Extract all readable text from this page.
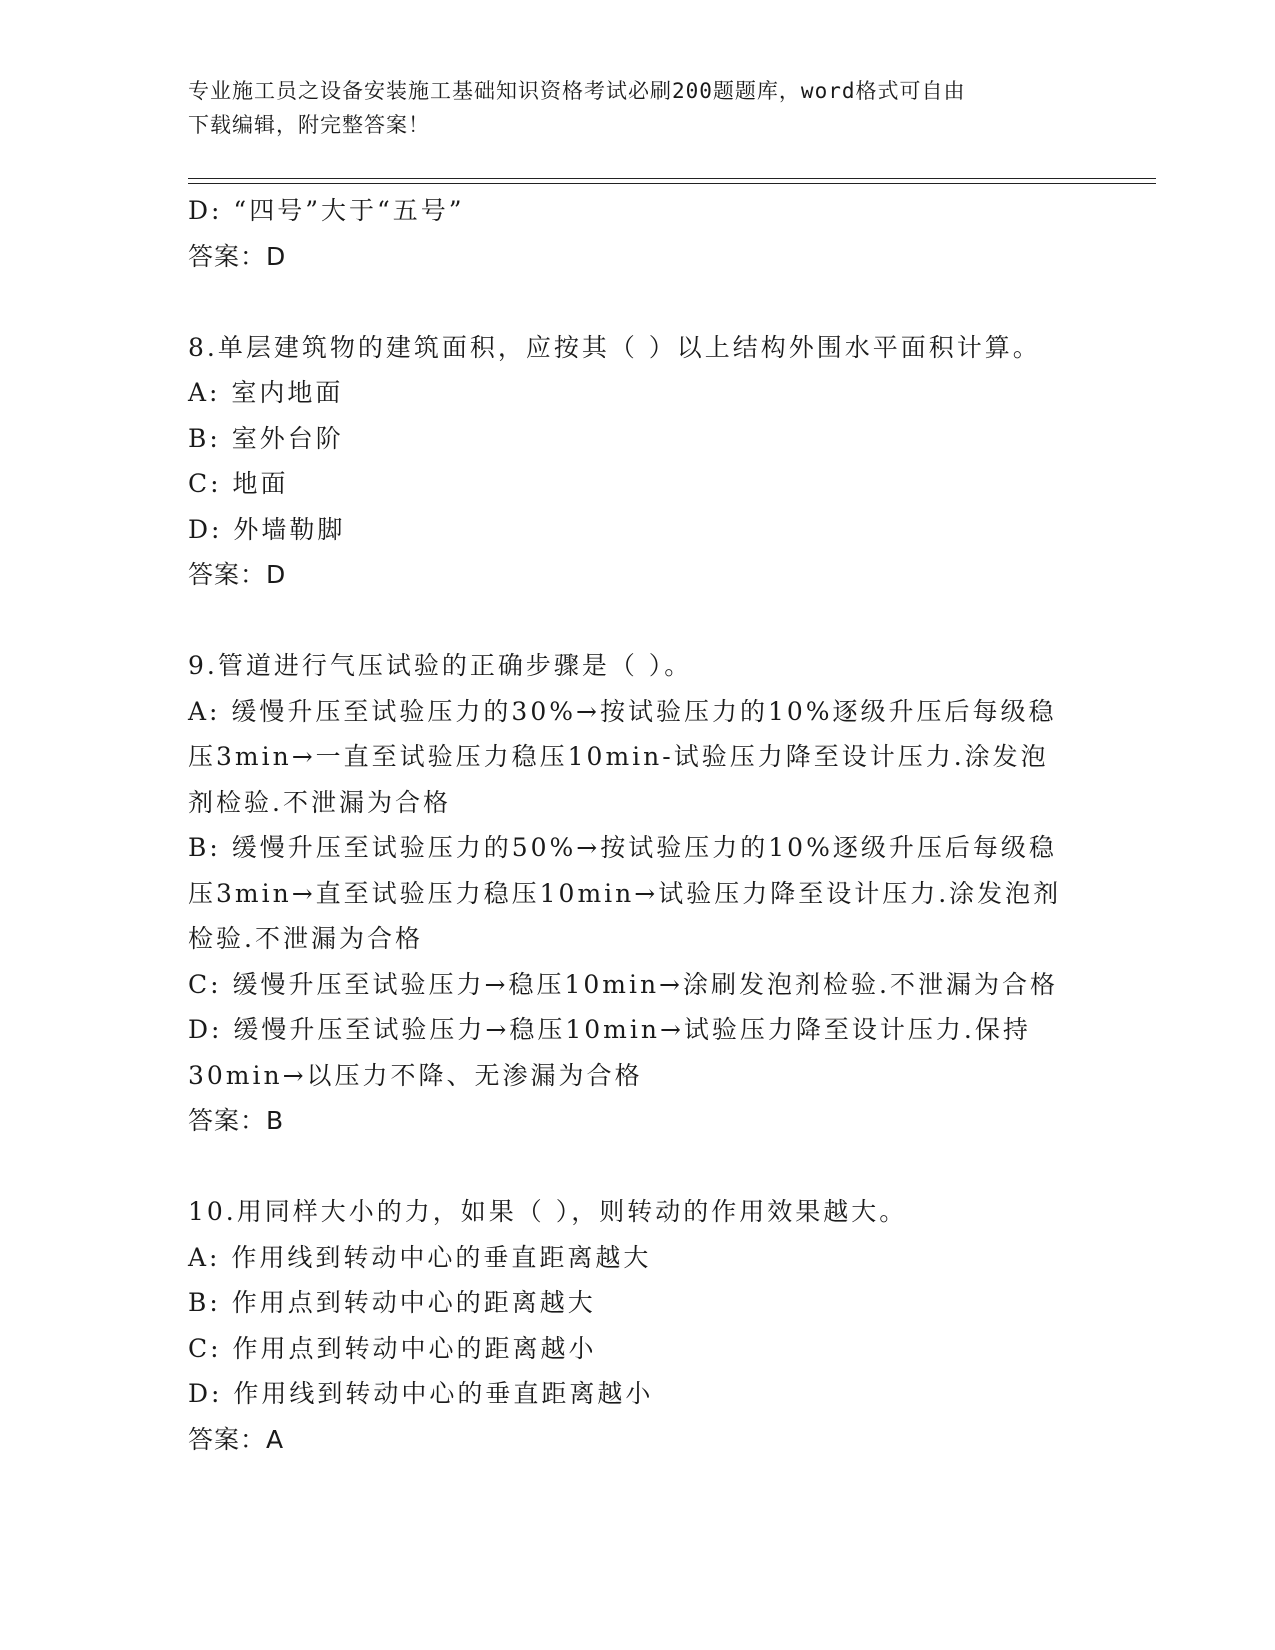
专业施工员之设备安装施工基础知识资格考试必刷200题题库，word格式可自由
下载编辑，附完整答案！
D: “四号”大于“五号”
答案：D
8.单层建筑物的建筑面积，应按其（ ）以上结构外围水平面积计算。
A: 室内地面
B: 室外台阶
C: 地面
D: 外墙勒脚
答案：D
9.管道进行气压试验的正确步骤是（ ）。
A: 缓慢升压至试验压力的30%→按试验压力的10%逐级升压后每级稳
压3min→一直至试验压力稳压10min-试验压力降至设计压力.涂发泡
剂检验.不泄漏为合格
B: 缓慢升压至试验压力的50%→按试验压力的10%逐级升压后每级稳
压3min→直至试验压力稳压10min→试验压力降至设计压力.涂发泡剂
检验.不泄漏为合格
C: 缓慢升压至试验压力→稳压10min→涂刷发泡剂检验.不泄漏为合格
D: 缓慢升压至试验压力→稳压10min→试验压力降至设计压力.保持
30min→以压力不降、无渗漏为合格
答案：B
10.用同样大小的力，如果（ ），则转动的作用效果越大。
A: 作用线到转动中心的垂直距离越大
B: 作用点到转动中心的距离越大
C: 作用点到转动中心的距离越小
D: 作用线到转动中心的垂直距离越小
答案：A
